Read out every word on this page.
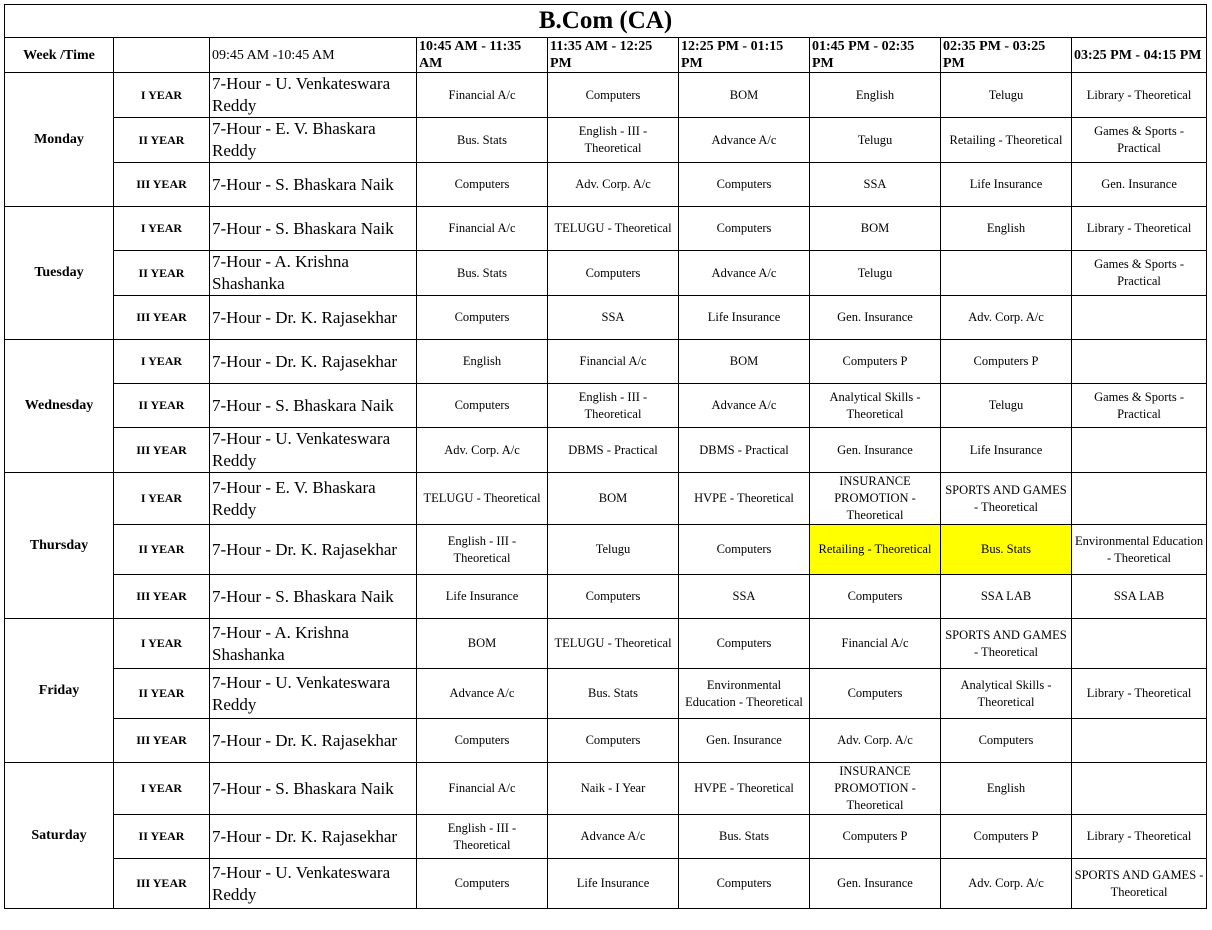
B.Com (CA)								
Week /Time		09:45 AM -10:45 AM	10:45 AM - 11:35 AM	11:35 AM - 12:25 PM	12:25 PM - 01:15 PM	01:45 PM - 02:35 PM	02:35 PM - 03:25 PM	03:25 PM - 04:15 PM
Monday	I YEAR	7-Hour - U. Venkateswara Reddy	Financial A/c	Computers	BOM	English	Telugu	Library - Theoretical
	II YEAR	7-Hour - E. V. Bhaskara Reddy	Bus. Stats	English - III - Theoretical	Advance A/c	Telugu	Retailing - Theoretical	Games & Sports - Practical
	III YEAR	7-Hour - S. Bhaskara Naik	Computers	Adv. Corp. A/c	Computers	SSA	Life Insurance	Gen. Insurance
Tuesday	I YEAR	7-Hour - S. Bhaskara Naik	Financial A/c	TELUGU - Theoretical	Computers	BOM	English	Library - Theoretical
	II YEAR	7-Hour - A. Krishna Shashanka	Bus. Stats	Computers	Advance A/c	Telugu		Games & Sports - Practical
	III YEAR	7-Hour - Dr. K. Rajasekhar	Computers	SSA	Life Insurance	Gen. Insurance	Adv. Corp. A/c	
Wednesday	I YEAR	7-Hour - Dr. K. Rajasekhar	English	Financial A/c	BOM	Computers P	Computers P	
	II YEAR	7-Hour - S. Bhaskara Naik	Computers	English - III - Theoretical	Advance A/c	Analytical Skills - Theoretical	Telugu	Games & Sports - Practical
	III YEAR	7-Hour - U. Venkateswara Reddy	Adv. Corp. A/c	DBMS - Practical	DBMS - Practical	Gen. Insurance	Life Insurance	
Thursday	I YEAR	7-Hour - E. V. Bhaskara Reddy	TELUGU - Theoretical	BOM	HVPE - Theoretical	INSURANCE PROMOTION - Theoretical	SPORTS AND GAMES - Theoretical	
	II YEAR	7-Hour - Dr. K. Rajasekhar	English - III - Theoretical	Telugu	Computers	Retailing - Theoretical	Bus. Stats	Environmental Education - Theoretical
	III YEAR	7-Hour - S. Bhaskara Naik	Life Insurance	Computers	SSA	Computers	SSA LAB	SSA LAB
Friday	I YEAR	7-Hour - A. Krishna Shashanka	BOM	TELUGU - Theoretical	Computers	Financial A/c	SPORTS AND GAMES - Theoretical	
	II YEAR	7-Hour - U. Venkateswara Reddy	Advance A/c	Bus. Stats	Environmental Education - Theoretical	Computers	Analytical Skills - Theoretical	Library - Theoretical
	III YEAR	7-Hour - Dr. K. Rajasekhar	Computers	Computers	Gen. Insurance	Adv. Corp. A/c	Computers	
Saturday	I YEAR	7-Hour - S. Bhaskara Naik	Financial A/c	Naik - I Year	HVPE - Theoretical	INSURANCE PROMOTION - Theoretical	English	
	II YEAR	7-Hour - Dr. K. Rajasekhar	English - III - Theoretical	Advance A/c	Bus. Stats	Computers P	Computers P	Library - Theoretical
	III YEAR	7-Hour - U. Venkateswara Reddy	Computers	Life Insurance	Computers	Gen. Insurance	Adv. Corp. A/c	SPORTS AND GAMES - Theoretical
